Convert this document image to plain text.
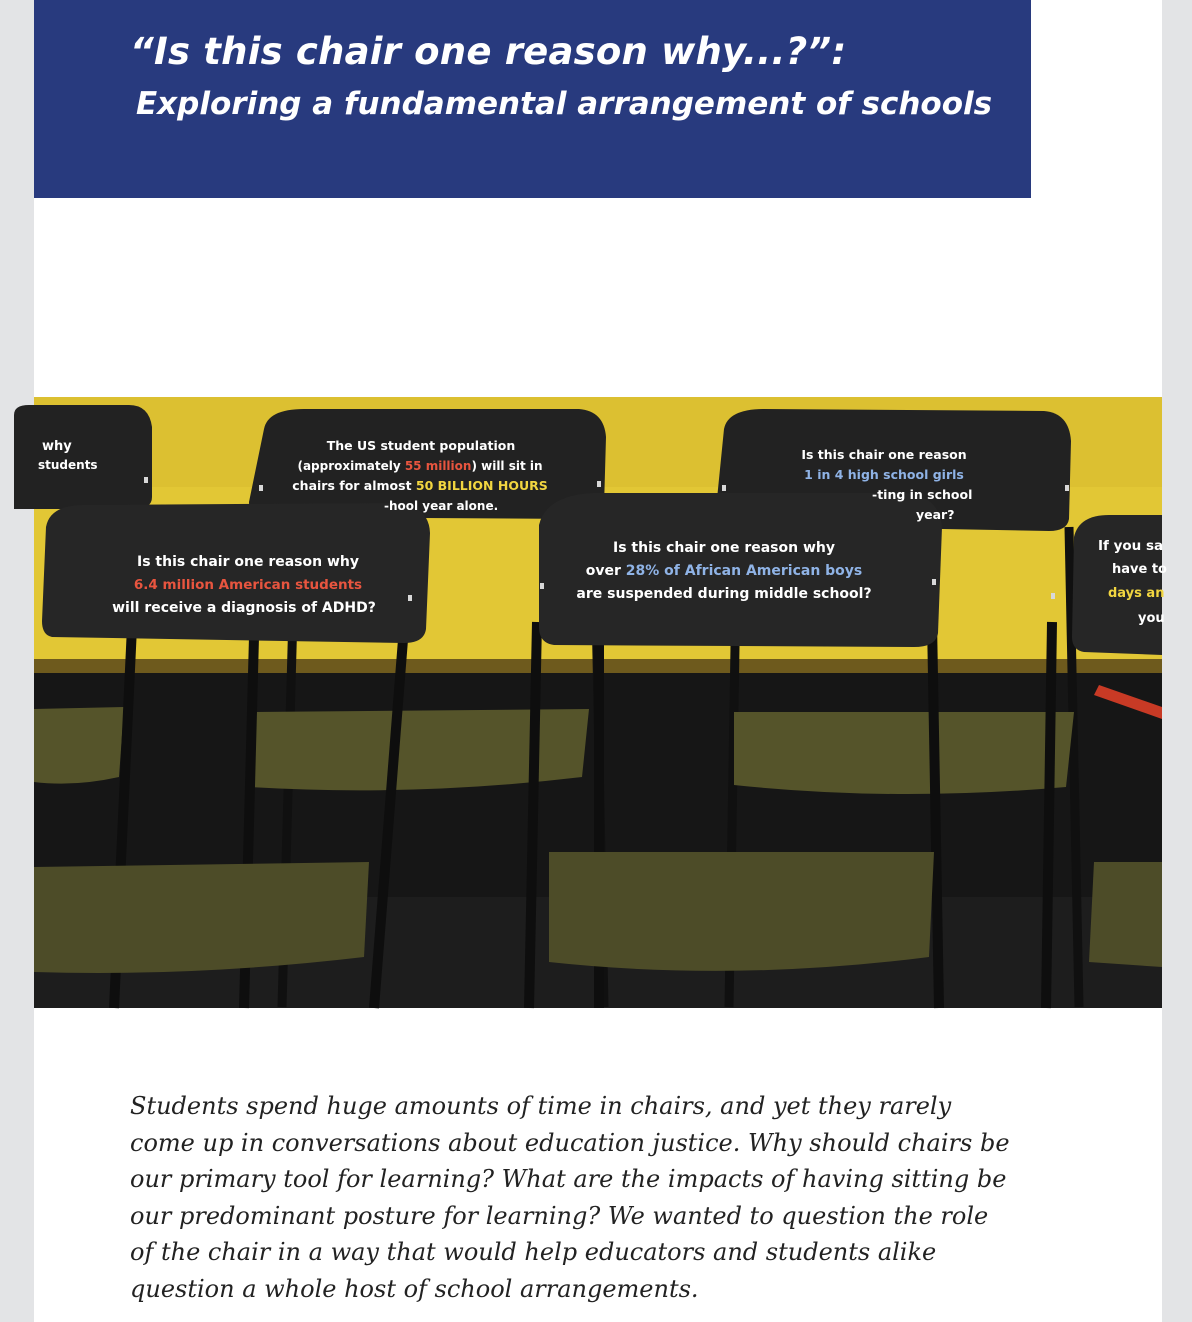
“Is this chair one reason why...?”:
Exploring a fundamental arrangement of schools
why
students
The US student population
(approximately 55 million) will sit in
chairs for almost 50 BILLION HOURS
-hool year alone.
Is this chair one reason
1 in 4 high school girls
-ting in school
year?
Is this chair one reason why
6.4 million American students
will receive a diagnosis of ADHD?
Is this chair one reason why
over 28% of African American boys
are suspended during middle school?
If you sa
have to
days an
you

Students spend huge amounts of time in chairs, and yet they rarely come up in conversations about education justice. Why should chairs be our primary tool for learning? What are the impacts of having sitting be our predominant posture for learning? We wanted to question the role of the chair in a way that would help educators and students alike question a whole host of school arrangements.
